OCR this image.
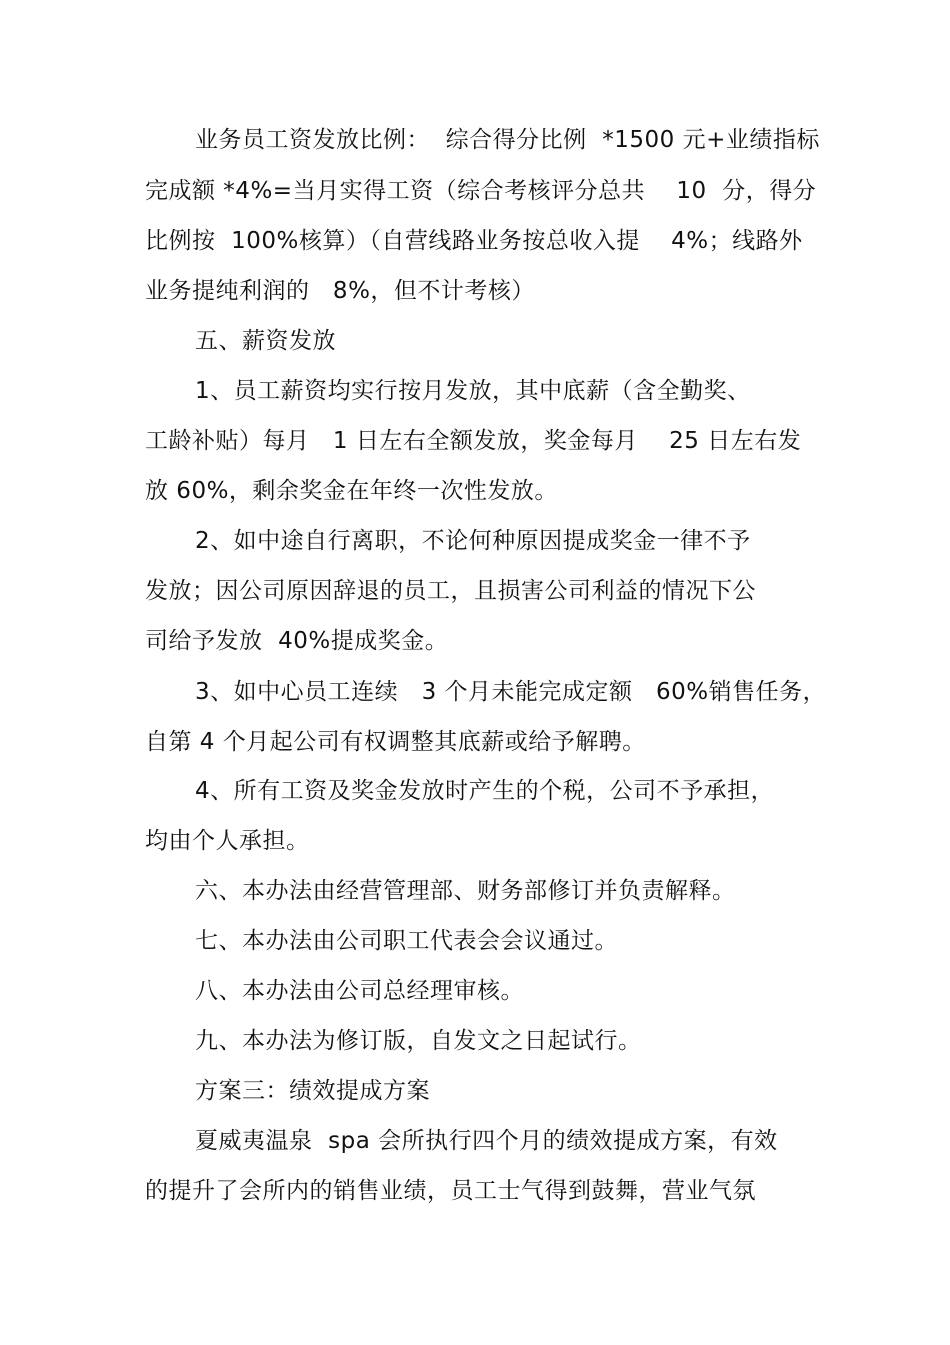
业务员工资发放比例：  综合得分比例  *1500 元+业绩指标
完成额 *4%=当月实得工资（综合考核评分总共    10  分，得分
比例按  100%核算）（自营线路业务按总收入提    4%；线路外
业务提纯利润的   8%，但不计考核）
五、薪资发放
1、员工薪资均实行按月发放，其中底薪（含全勤奖、
工龄补贴）每月   1 日左右全额发放，奖金每月    25 日左右发
放 60%，剩余奖金在年终一次性发放。
2、如中途自行离职，不论何种原因提成奖金一律不予
发放；因公司原因辞退的员工，且损害公司利益的情况下公
司给予发放  40%提成奖金。
3、如中心员工连续   3 个月未能完成定额   60%销售任务，
自第 4 个月起公司有权调整其底薪或给予解聘。
4、所有工资及奖金发放时产生的个税，公司不予承担，
均由个人承担。
六、本办法由经营管理部、财务部修订并负责解释。
七、本办法由公司职工代表会会议通过。
八、本办法由公司总经理审核。
九、本办法为修订版，自发文之日起试行。
方案三：绩效提成方案
夏威夷温泉  spa 会所执行四个月的绩效提成方案，有效
的提升了会所内的销售业绩，员工士气得到鼓舞，营业气氛
